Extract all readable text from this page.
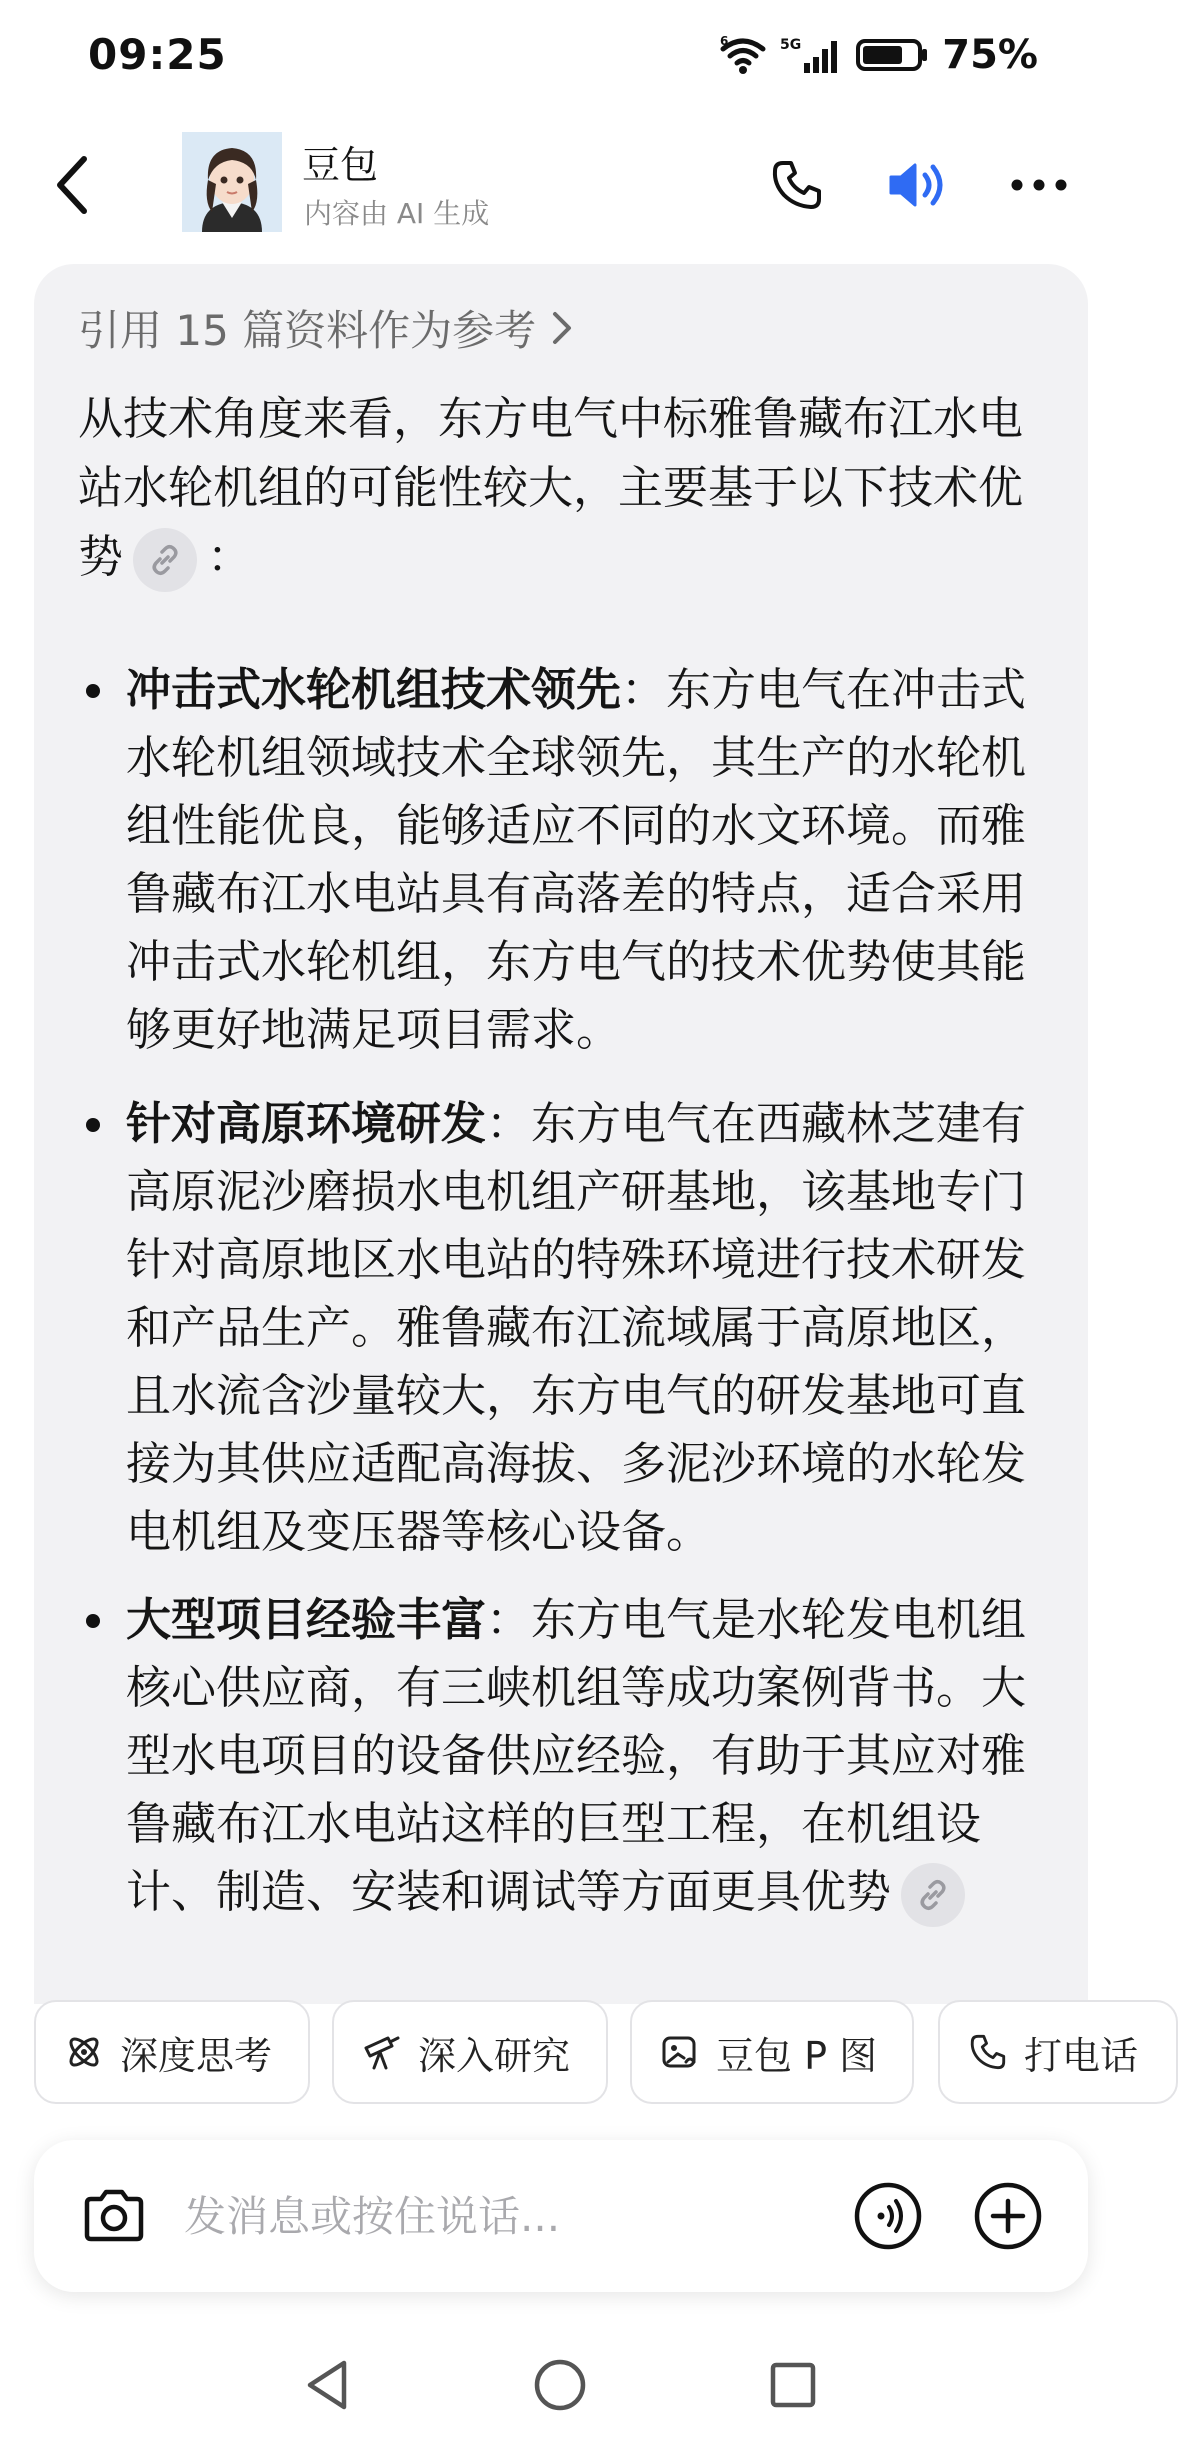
09:25	6	5G	75%
豆包
内容由 AI 生成
引用 15 篇资料作为参考
从技术角度来看，东方电气中标雅鲁藏布江水电站水轮机组的可能性较大，主要基于以下技术优势 ：
冲击式水轮机组技术领先：东方电气在冲击式水轮机组领域技术全球领先，其生产的水轮机组性能优良，能够适应不同的水文环境。而雅鲁藏布江水电站具有高落差的特点，适合采用冲击式水轮机组，东方电气的技术优势使其能够更好地满足项目需求。
针对高原环境研发：东方电气在西藏林芝建有高原泥沙磨损水电机组产研基地，该基地专门针对高原地区水电站的特殊环境进行技术研发和产品生产。雅鲁藏布江流域属于高原地区，且水流含沙量较大，东方电气的研发基地可直接为其供应适配高海拔、多泥沙环境的水轮发电机组及变压器等核心设备。
大型项目经验丰富：东方电气是水轮发电机组核心供应商，有三峡机组等成功案例背书。大型水电项目的设备供应经验，有助于其应对雅鲁藏布江水电站这样的巨型工程，在机组设计、制造、安装和调试等方面更具优势
深度思考	深入研究	豆包 P 图	打电话
发消息或按住说话...
